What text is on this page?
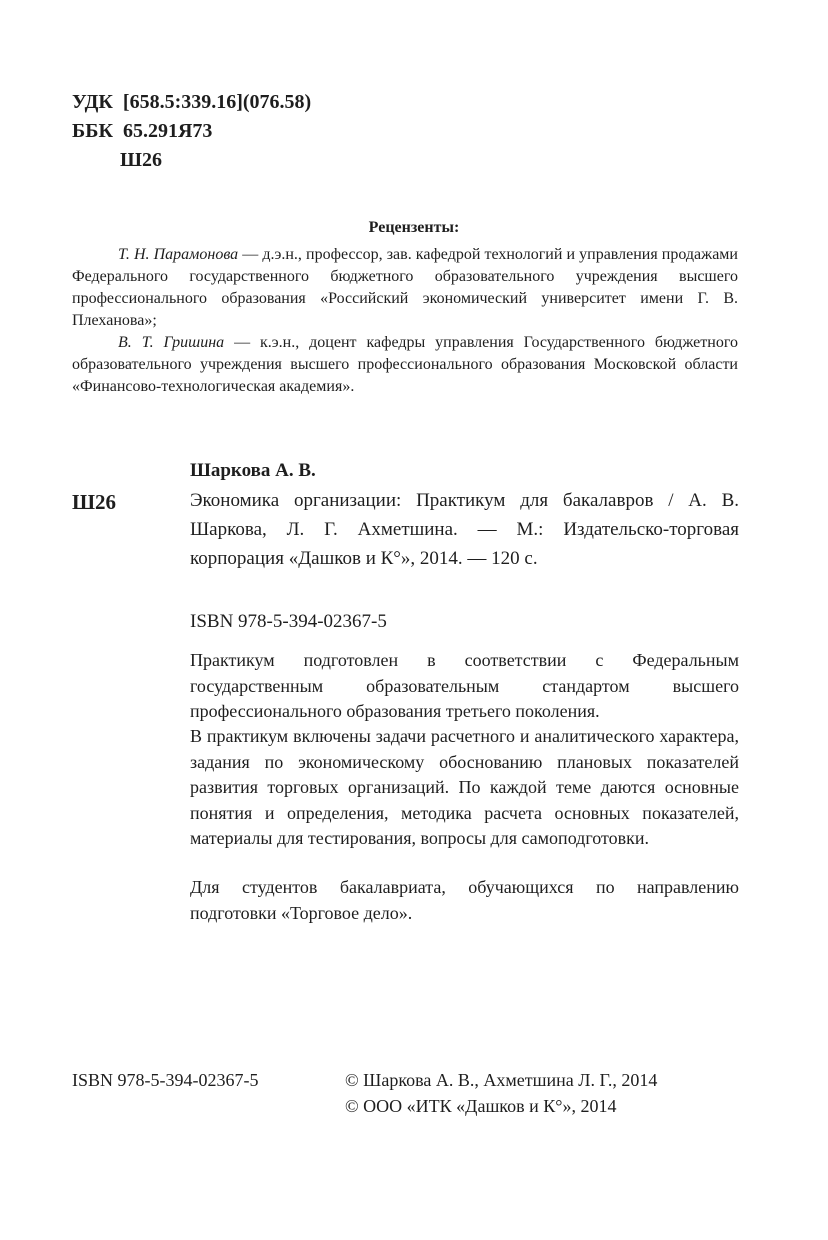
УДК  [658.5:339.16](076.58)
ББК  65.291Я73
Ш26
Рецензенты:
Т. Н. Парамонова — д.э.н., профессор, зав. кафедрой технологий и управления продажами Федерального государственного бюджетного образовательного учреждения высшего профессионального образования «Российский экономический университет имени Г. В. Плеханова»;
В. Т. Гришина — к.э.н., доцент кафедры управления Государственного бюджетного образовательного учреждения высшего профессионального образования Московской области «Финансово-технологическая академия».
Ш26
Шаркова А. В.
Экономика организации: Практикум для бакалавров / А. В. Шаркова, Л. Г. Ахметшина. — М.: Издательско-торговая корпорация «Дашков и К°», 2014. — 120 с.
ISBN 978-5-394-02367-5
Практикум подготовлен в соответствии с Федеральным государственным образовательным стандартом высшего профессионального образования третьего поколения.
В практикум включены задачи расчетного и аналитического характера, задания по экономическому обоснованию плановых показателей развития торговых организаций. По каждой теме даются основные понятия и определения, методика расчета основных показателей, материалы для тестирования, вопросы для самоподготовки.
Для студентов бакалавриата, обучающихся по направлению подготовки «Торговое дело».
ISBN 978-5-394-02367-5	© Шаркова А. В., Ахметшина Л. Г., 2014
© ООО «ИТК «Дашков и К°», 2014
